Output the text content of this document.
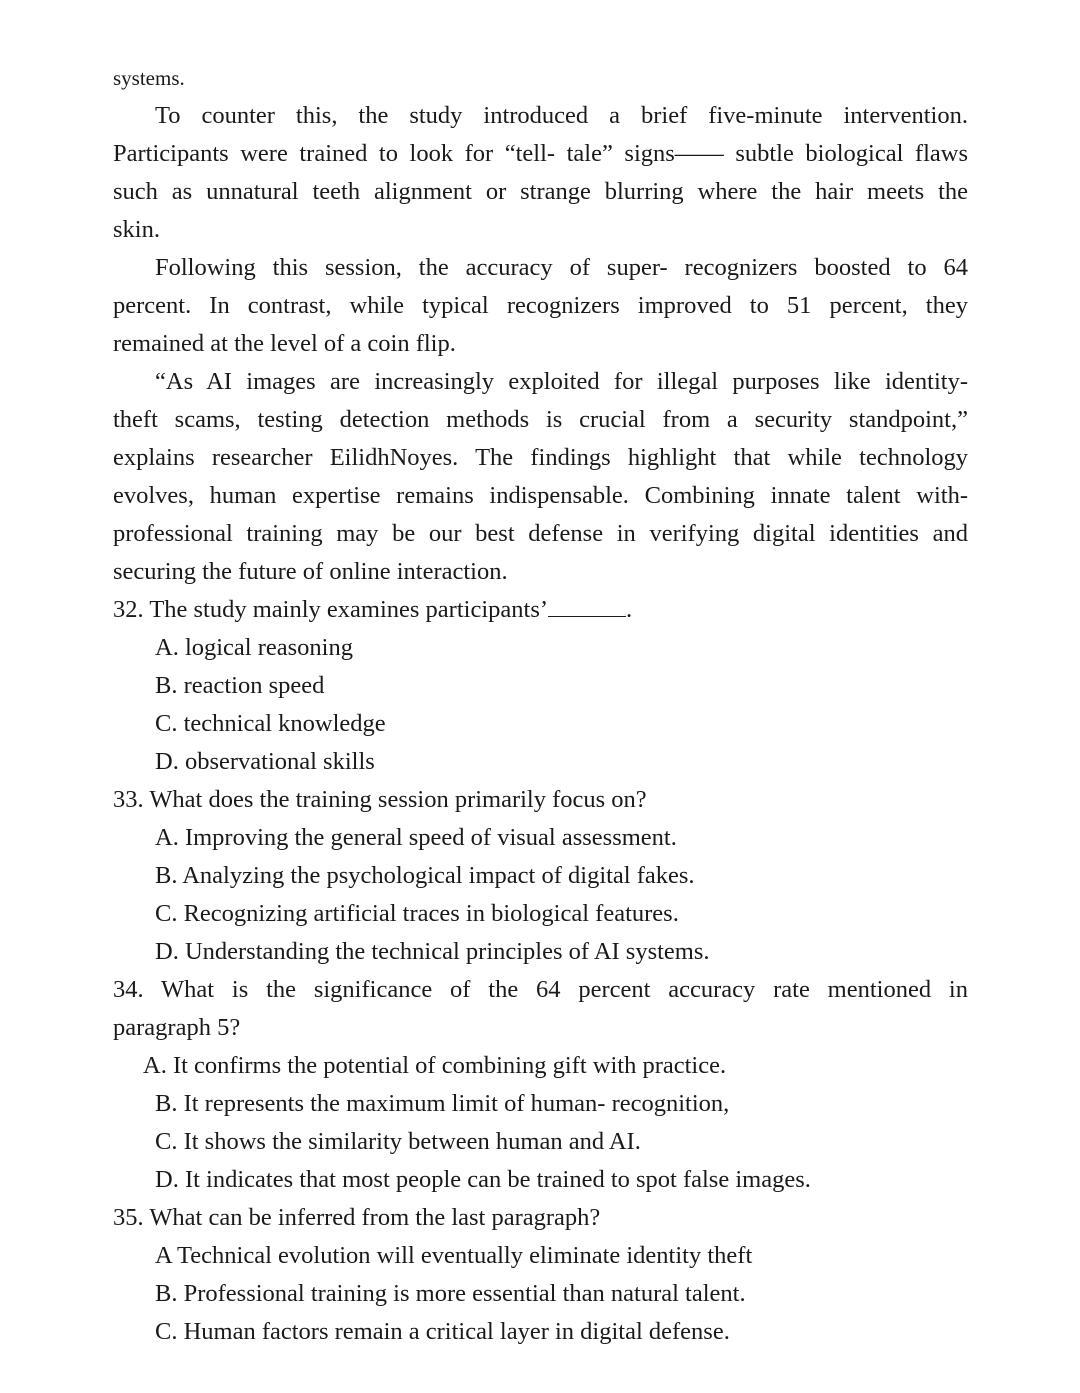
systems.
To counter this, the study introduced a brief five-minute intervention.
Participants were trained to look for “tell- tale” signs—— subtle biological flaws
such as unnatural teeth alignment or strange blurring where the hair meets the
skin.
Following this session, the accuracy of super- recognizers boosted to 64
percent. In contrast, while typical recognizers improved to 51 percent, they
remained at the level of a coin flip.
“As AI images are increasingly exploited for illegal purposes like identity-
theft scams, testing detection methods is crucial from a security standpoint,”
explains researcher EilidhNoyes. The findings highlight that while technology
evolves, human expertise remains indispensable. Combining innate talent with-
professional training may be our best defense in verifying digital identities and
securing the future of online interaction.
32. The study mainly examines participants’	.
A. logical reasoning
B. reaction speed
C. technical knowledge
D. observational skills
33. What does the training session primarily focus on?
A. Improving the general speed of visual assessment.
B. Analyzing the psychological impact of digital fakes.
C. Recognizing artificial traces in biological features.
D. Understanding the technical principles of AI systems.
34. What is the significance of the 64 percent accuracy rate mentioned in
paragraph 5?
A. It confirms the potential of combining gift with practice.
B. It represents the maximum limit of human- recognition,
C. It shows the similarity between human and AI.
D. It indicates that most people can be trained to spot false images.
35. What can be inferred from the last paragraph?
A Technical evolution will eventually eliminate identity theft
B. Professional training is more essential than natural talent.
C. Human factors remain a critical layer in digital defense.
